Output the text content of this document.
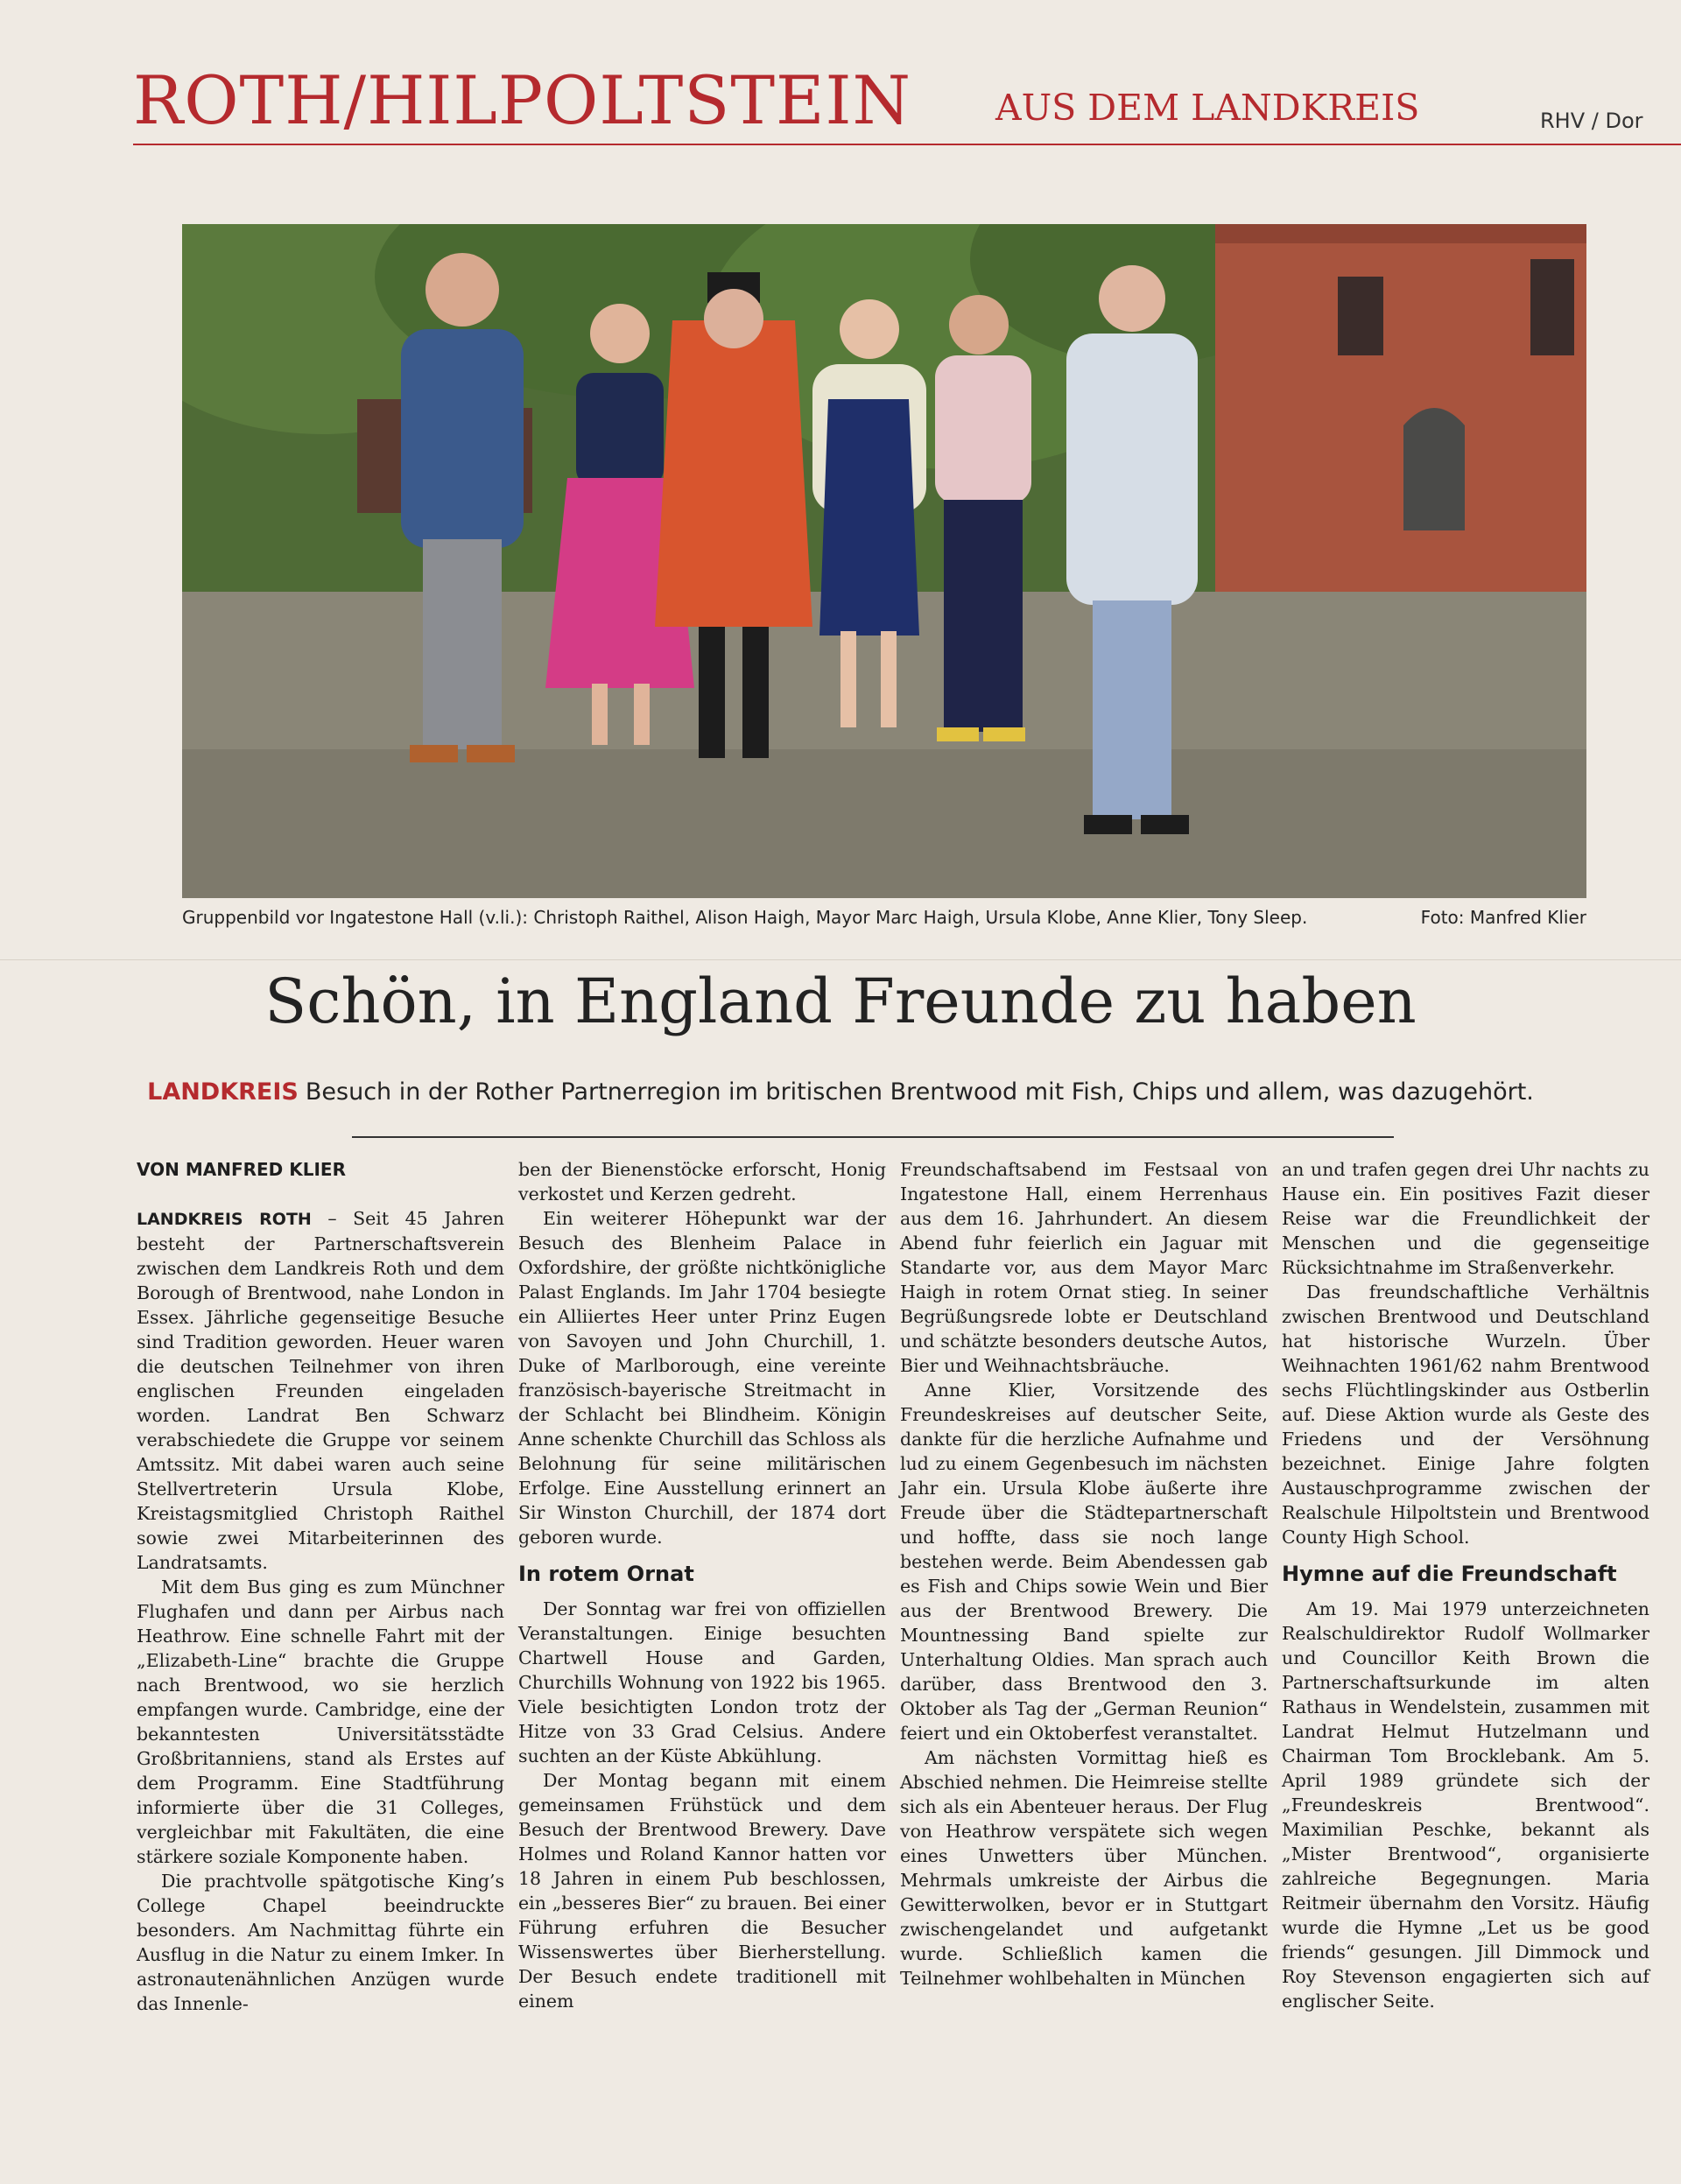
ROTH/HILPOLTSTEIN AUS DEM LANDKREIS	RHV / Dor
Gruppenbild vor Ingatestone Hall (v.li.): Christoph Raithel, Alison Haigh, Mayor Marc Haigh, Ursula Klobe, Anne Klier, Tony Sleep.	Foto: Manfred Klier
Schön, in England Freunde zu haben
LANDKREIS Besuch in der Rother Partnerregion im britischen Brentwood mit Fish, Chips und allem, was dazugehört.

VON MANFRED KLIER

LANDKREIS ROTH – Seit 45 Jahren besteht der Partnerschaftsverein zwischen dem Landkreis Roth und dem Borough of Brentwood, nahe London in Essex. Jährliche gegenseitige Besuche sind Tradition geworden. Heuer waren die deutschen Teilnehmer von ihren englischen Freunden eingeladen worden. Landrat Ben Schwarz verabschiedete die Gruppe vor seinem Amtssitz. Mit dabei waren auch seine Stellvertreterin Ursula Klobe, Kreistagsmitglied Christoph Raithel sowie zwei Mitarbeiterinnen des Landratsamts.

Mit dem Bus ging es zum Münchner Flughafen und dann per Airbus nach Heathrow. Eine schnelle Fahrt mit der „Elizabeth-Line“ brachte die Gruppe nach Brentwood, wo sie herzlich empfangen wurde. Cambridge, eine der bekanntesten Universitätsstädte Großbritanniens, stand als Erstes auf dem Programm. Eine Stadtführung informierte über die 31 Colleges, vergleichbar mit Fakultäten, die eine stärkere soziale Komponente haben.

Die prachtvolle spätgotische King’s College Chapel beeindruckte besonders. Am Nachmittag führte ein Ausflug in die Natur zu einem Imker. In astronautenähnlichen Anzügen wurde das Innenle-

ben der Bienenstöcke erforscht, Honig verkostet und Kerzen gedreht.

Ein weiterer Höhepunkt war der Besuch des Blenheim Palace in Oxfordshire, der größte nichtkönigliche Palast Englands. Im Jahr 1704 besiegte ein Alliiertes Heer unter Prinz Eugen von Savoyen und John Churchill, 1. Duke of Marlborough, eine vereinte französisch-bayerische Streitmacht in der Schlacht bei Blindheim. Königin Anne schenkte Churchill das Schloss als Belohnung für seine militärischen Erfolge. Eine Ausstellung erinnert an Sir Winston Churchill, der 1874 dort geboren wurde.

In rotem Ornat

Der Sonntag war frei von offiziellen Veranstaltungen. Einige besuchten Chartwell House and Garden, Churchills Wohnung von 1922 bis 1965. Viele besichtigten London trotz der Hitze von 33 Grad Celsius. Andere suchten an der Küste Abkühlung.

Der Montag begann mit einem gemeinsamen Frühstück und dem Besuch der Brentwood Brewery. Dave Holmes und Roland Kannor hatten vor 18 Jahren in einem Pub beschlossen, ein „besseres Bier“ zu brauen. Bei einer Führung erfuhren die Besucher Wissenswertes über Bierherstellung. Der Besuch endete traditionell mit einem

Freundschaftsabend im Festsaal von Ingatestone Hall, einem Herrenhaus aus dem 16. Jahrhundert. An diesem Abend fuhr feierlich ein Jaguar mit Standarte vor, aus dem Mayor Marc Haigh in rotem Ornat stieg. In seiner Begrüßungsrede lobte er Deutschland und schätzte besonders deutsche Autos, Bier und Weihnachtsbräuche.

Anne Klier, Vorsitzende des Freundeskreises auf deutscher Seite, dankte für die herzliche Aufnahme und lud zu einem Gegenbesuch im nächsten Jahr ein. Ursula Klobe äußerte ihre Freude über die Städtepartnerschaft und hoffte, dass sie noch lange bestehen werde. Beim Abendessen gab es Fish and Chips sowie Wein und Bier aus der Brentwood Brewery. Die Mountnessing Band spielte zur Unterhaltung Oldies. Man sprach auch darüber, dass Brentwood den 3. Oktober als Tag der „German Reunion“ feiert und ein Oktoberfest veranstaltet.

Am nächsten Vormittag hieß es Abschied nehmen. Die Heimreise stellte sich als ein Abenteuer heraus. Der Flug von Heathrow verspätete sich wegen eines Unwetters über München. Mehrmals umkreiste der Airbus die Gewitterwolken, bevor er in Stuttgart zwischengelandet und aufgetankt wurde. Schließlich kamen die Teilnehmer wohlbehalten in München

an und trafen gegen drei Uhr nachts zu Hause ein. Ein positives Fazit dieser Reise war die Freundlichkeit der Menschen und die gegenseitige Rücksichtnahme im Straßenverkehr.

Das freundschaftliche Verhältnis zwischen Brentwood und Deutschland hat historische Wurzeln. Über Weihnachten 1961/62 nahm Brentwood sechs Flüchtlingskinder aus Ostberlin auf. Diese Aktion wurde als Geste des Friedens und der Versöhnung bezeichnet. Einige Jahre folgten Austauschprogramme zwischen der Realschule Hilpoltstein und Brentwood County High School.

Hymne auf die Freundschaft

Am 19. Mai 1979 unterzeichneten Realschuldirektor Rudolf Wollmarker und Councillor Keith Brown die Partnerschaftsurkunde im alten Rathaus in Wendelstein, zusammen mit Landrat Helmut Hutzelmann und Chairman Tom Brocklebank. Am 5. April 1989 gründete sich der „Freundeskreis Brentwood“. Maximilian Peschke, bekannt als „Mister Brentwood“, organisierte zahlreiche Begegnungen. Maria Reitmeir übernahm den Vorsitz. Häufig wurde die Hymne „Let us be good friends“ gesungen. Jill Dimmock und Roy Stevenson engagierten sich auf englischer Seite.
